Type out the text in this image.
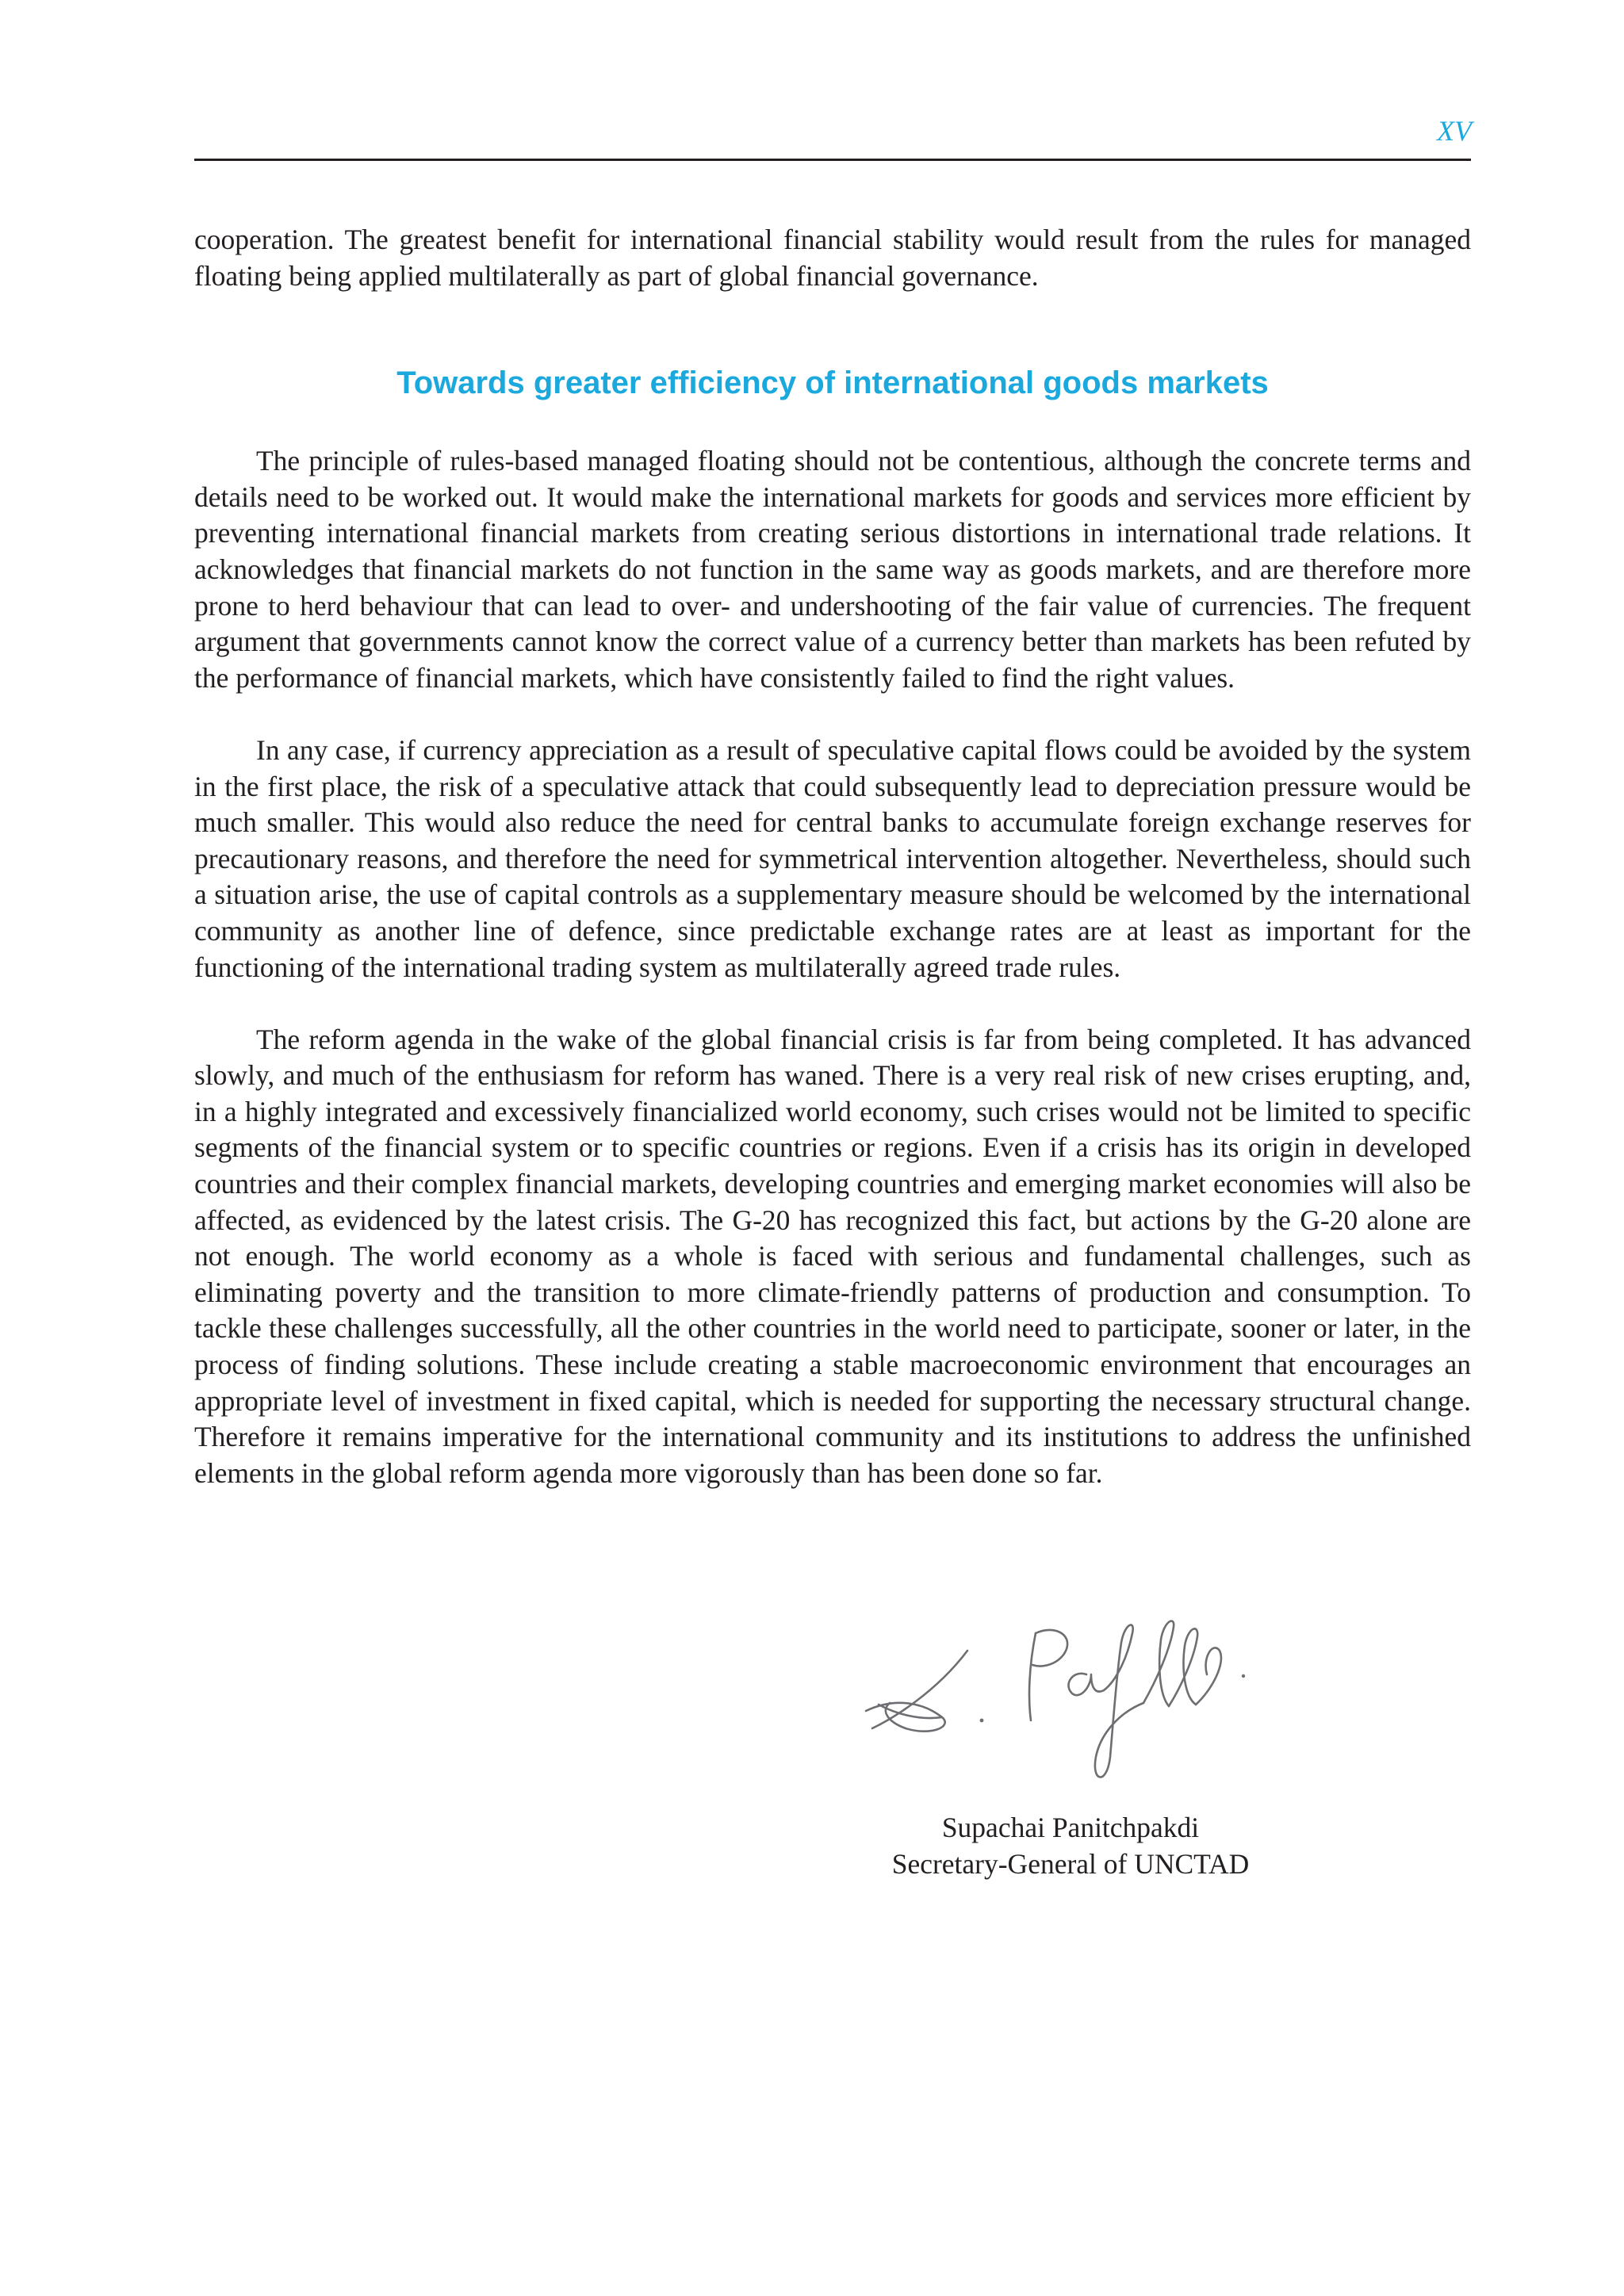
XV

cooperation. The greatest benefit for international financial stability would result from the rules for managed floating being applied multilaterally as part of global financial governance.

Towards greater efficiency of international goods markets

The principle of rules-based managed floating should not be contentious, although the concrete terms and details need to be worked out. It would make the international markets for goods and services more efficient by preventing international financial markets from creating serious distortions in international trade relations. It acknowledges that financial markets do not function in the same way as goods markets, and are therefore more prone to herd behaviour that can lead to over- and undershooting of the fair value of currencies. The frequent argument that governments cannot know the correct value of a currency better than markets has been refuted by the performance of financial markets, which have consistently failed to find the right values.

In any case, if currency appreciation as a result of speculative capital flows could be avoided by the system in the first place, the risk of a speculative attack that could subsequently lead to depreciation pressure would be much smaller. This would also reduce the need for central banks to accumulate foreign exchange reserves for precautionary reasons, and therefore the need for symmetrical intervention altogether. Nevertheless, should such a situation arise, the use of capital controls as a supplementary measure should be welcomed by the international community as another line of defence, since predictable exchange rates are at least as important for the functioning of the international trading system as multilaterally agreed trade rules.

The reform agenda in the wake of the global financial crisis is far from being completed. It has advanced slowly, and much of the enthusiasm for reform has waned. There is a very real risk of new crises erupting, and, in a highly integrated and excessively financialized world economy, such crises would not be limited to specific segments of the financial system or to specific countries or regions. Even if a crisis has its origin in developed countries and their complex financial markets, developing countries and emerging market economies will also be affected, as evidenced by the latest crisis. The G-20 has recognized this fact, but actions by the G-20 alone are not enough. The world economy as a whole is faced with serious and fundamental challenges, such as eliminating poverty and the transition to more climate-friendly patterns of production and consumption. To tackle these challenges successfully, all the other countries in the world need to participate, sooner or later, in the process of finding solutions. These include creating a stable macroeconomic environment that encourages an appropriate level of investment in fixed capital, which is needed for supporting the necessary structural change. Therefore it remains imperative for the international community and its institutions to address the unfinished elements in the global reform agenda more vigorously than has been done so far.

Supachai Panitchpakdi

Secretary-General of UNCTAD
